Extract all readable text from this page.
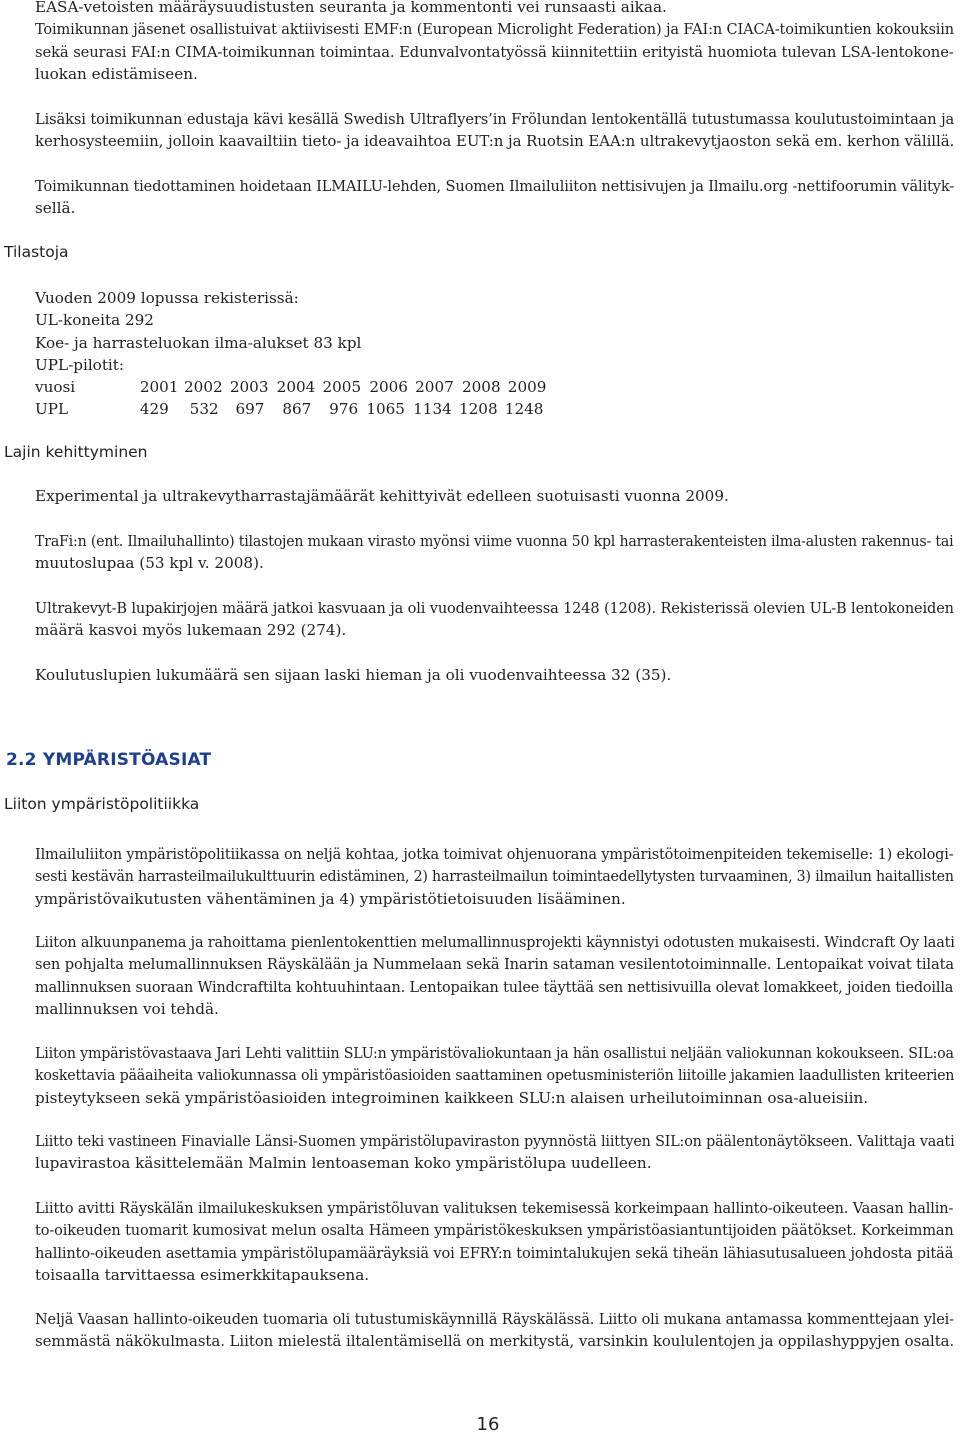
EASA-vetoisten määräysuudistusten seuranta ja kommentonti vei runsaasti aikaa.
Toimikunnan jäsenet osallistuivat aktiivisesti EMF:n (European Microlight Federation) ja FAI:n CIACA-toimikuntien kokouksiin
sekä seurasi FAI:n CIMA-toimikunnan toimintaa. Edunvalvontatyössä kiinnitettiin erityistä huomiota tulevan LSA-lentokone-
luokan edistämiseen.
Lisäksi toimikunnan edustaja kävi kesällä Swedish Ultraflyers’in Frölundan lentokentällä tutustumassa koulutustoimintaan ja
kerhosysteemiin, jolloin kaavailtiin tieto- ja ideavaihtoa EUT:n ja Ruotsin EAA:n ultrakevytjaoston sekä em. kerhon välillä.
Toimikunnan tiedottaminen hoidetaan ILMAILU-lehden, Suomen Ilmailuliiton nettisivujen ja Ilmailu.org -nettifoorumin välityk-
sellä.
Tilastoja
Vuoden 2009 lopussa rekisterissä:
UL-koneita 292
Koe- ja harrasteluokan ilma-alukset 83 kpl
UPL-pilotit:
vuosi	2001 2002 2003 2004 2005 2006 2007 2008 2009
UPL	429 532 697 867 976 1065 1134 1208 1248
Lajin kehittyminen
Experimental ja ultrakevytharrastajämäärät kehittyivät edelleen suotuisasti vuonna 2009.
TraFi:n (ent. Ilmailuhallinto) tilastojen mukaan virasto myönsi viime vuonna 50 kpl harrasterakenteisten ilma-alusten rakennus- tai
muutoslupaa (53 kpl v. 2008).
Ultrakevyt-B lupakirjojen määrä jatkoi kasvuaan ja oli vuodenvaihteessa 1248 (1208). Rekisterissä olevien UL-B lentokoneiden
määrä kasvoi myös lukemaan 292 (274).
Koulutuslupien lukumäärä sen sijaan laski hieman ja oli vuodenvaihteessa 32 (35).
2.2 YMPÄRISTÖASIAT
Liiton ympäristöpolitiikka
Ilmailuliiton ympäristöpolitiikassa on neljä kohtaa, jotka toimivat ohjenuorana ympäristötoimenpiteiden tekemiselle: 1) ekologi-
sesti kestävän harrasteilmailukulttuurin edistäminen, 2) harrasteilmailun toimintaedellytysten turvaaminen, 3) ilmailun haitallisten
ympäristövaikutusten vähentäminen ja 4) ympäristötietoisuuden lisääminen.
Liiton alkuunpanema ja rahoittama pienlentokenttien melumallinnusprojekti käynnistyi odotusten mukaisesti. Windcraft Oy laati
sen pohjalta melumallinnuksen Räyskälään ja Nummelaan sekä Inarin sataman vesilentotoiminnalle. Lentopaikat voivat tilata
mallinnuksen suoraan Windcraftilta kohtuuhintaan. Lentopaikan tulee täyttää sen nettisivuilla olevat lomakkeet, joiden tiedoilla
mallinnuksen voi tehdä.
Liiton ympäristövastaava Jari Lehti valittiin SLU:n ympäristövaliokuntaan ja hän osallistui neljään valiokunnan kokoukseen. SIL:oa
koskettavia pääaiheita valiokunnassa oli ympäristöasioiden saattaminen opetusministeriön liitoille jakamien laadullisten kriteerien
pisteytykseen sekä ympäristöasioiden integroiminen kaikkeen SLU:n alaisen urheilutoiminnan osa-alueisiin.
Liitto teki vastineen Finavialle Länsi-Suomen ympäristölupaviraston pyynnöstä liittyen SIL:on päälentonäytökseen. Valittaja vaati
lupavirastoa käsittelemään Malmin lentoaseman koko ympäristölupa uudelleen.
Liitto avitti Räyskälän ilmailukeskuksen ympäristöluvan valituksen tekemisessä korkeimpaan hallinto-oikeuteen. Vaasan hallin-
to-oikeuden tuomarit kumosivat melun osalta Hämeen ympäristökeskuksen ympäristöasiantuntijoiden päätökset. Korkeimman
hallinto-oikeuden asettamia ympäristölupamääräyksiä voi EFRY:n toimintalukujen sekä tiheän lähiasutusalueen johdosta pitää
toisaalla tarvittaessa esimerkkitapauksena.
Neljä Vaasan hallinto-oikeuden tuomaria oli tutustumiskäynnillä Räyskälässä. Liitto oli mukana antamassa kommenttejaan ylei-
semmästä näkökulmasta. Liiton mielestä iltalentämisellä on merkitystä, varsinkin koululentojen ja oppilashyppyjen osalta.
16
